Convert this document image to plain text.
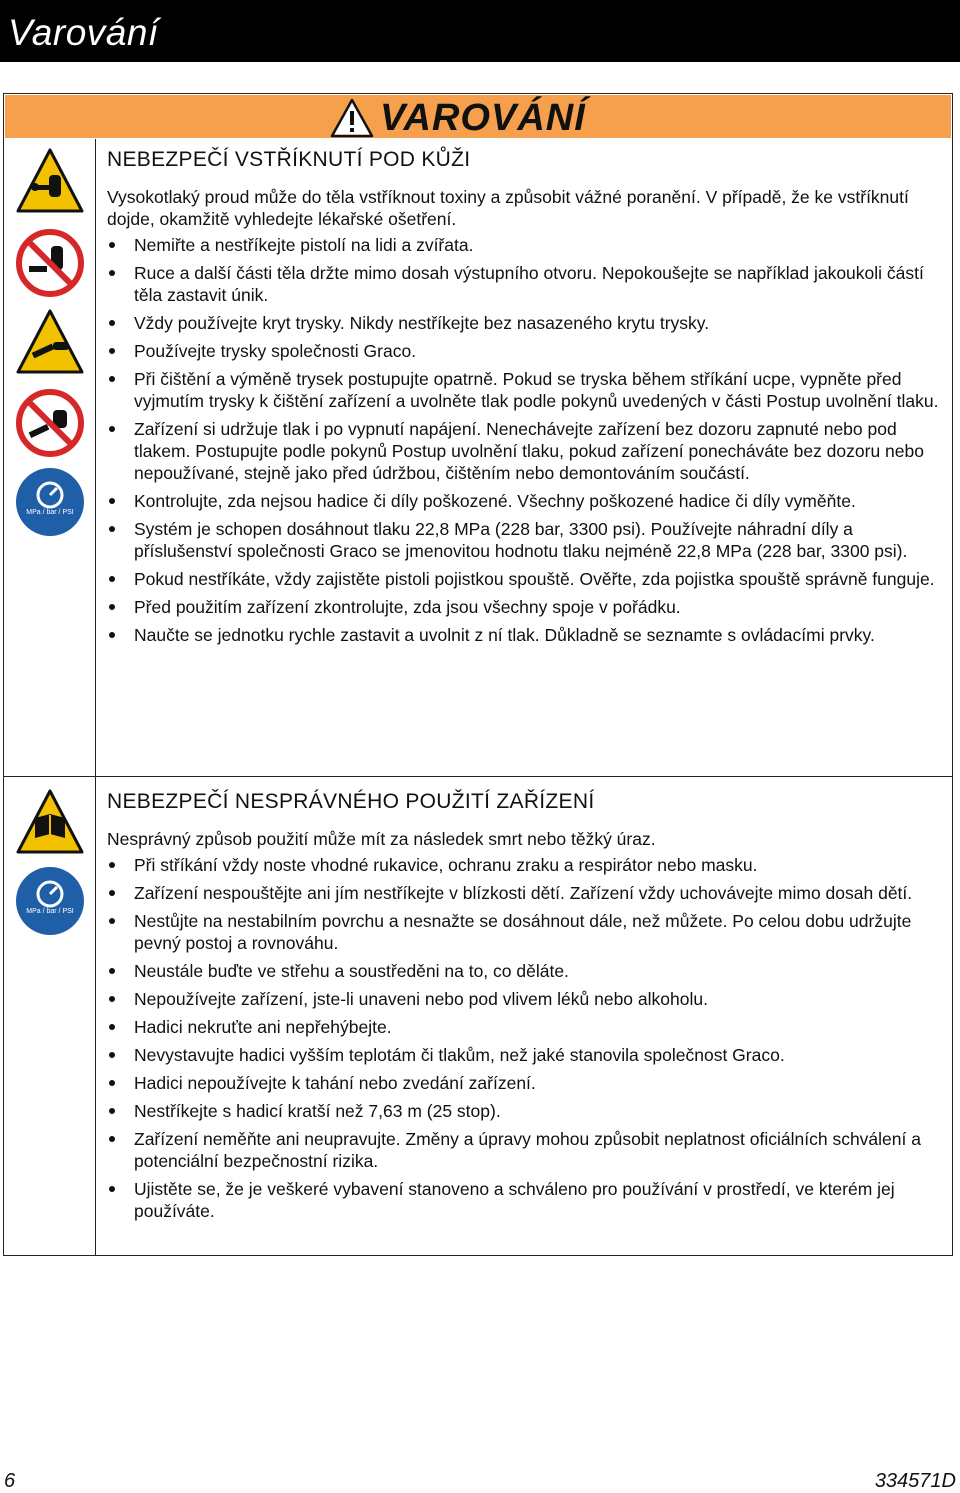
Varování
VAROVÁNÍ
MPa / bar / PSI
MPa / bar / PSI
NEBEZPEČÍ VSTŘÍKNUTÍ POD KŮŽI

Vysokotlaký proud může do těla vstříknout toxiny a způsobit vážné poranění. V případě, že ke vstříknutí dojde, okamžitě vyhledejte lékařské ošetření.

Nemiřte a nestříkejte pistolí na lidi a zvířata.
Ruce a další části těla držte mimo dosah výstupního otvoru. Nepokoušejte se například jakoukoli částí těla zastavit únik.
Vždy používejte kryt trysky. Nikdy nestříkejte bez nasazeného krytu trysky.
Používejte trysky společnosti Graco.
Při čištění a výměně trysek postupujte opatrně. Pokud se tryska během stříkání ucpe, vypněte před vyjmutím trysky k čištění zařízení a uvolněte tlak podle pokynů uvedených v části Postup uvolnění tlaku.
Zařízení si udržuje tlak i po vypnutí napájení. Nenechávejte zařízení bez dozoru zapnuté nebo pod tlakem. Postupujte podle pokynů Postup uvolnění tlaku, pokud zařízení ponecháváte bez dozoru nebo nepoužívané, stejně jako před údržbou, čištěním nebo demontováním součástí.
Kontrolujte, zda nejsou hadice či díly poškozené. Všechny poškozené hadice či díly vyměňte.
Systém je schopen dosáhnout tlaku 22,8 MPa (228 bar, 3300 psi). Používejte náhradní díly a příslušenství společnosti Graco se jmenovitou hodnotu tlaku nejméně 22,8 MPa (228 bar, 3300 psi).
Pokud nestříkáte, vždy zajistěte pistoli pojistkou spouště. Ověřte, zda pojistka spouště správně funguje.
Před použitím zařízení zkontrolujte, zda jsou všechny spoje v pořádku.
Naučte se jednotku rychle zastavit a uvolnit z ní tlak. Důkladně se seznamte s ovládacími prvky.
NEBEZPEČÍ NESPRÁVNÉHO POUŽITÍ ZAŘÍZENÍ

Nesprávný způsob použití může mít za následek smrt nebo těžký úraz.

Při stříkání vždy noste vhodné rukavice, ochranu zraku a respirátor nebo masku.
Zařízení nespouštějte ani jím nestříkejte v blízkosti dětí. Zařízení vždy uchovávejte mimo dosah dětí.
Nestůjte na nestabilním povrchu a nesnažte se dosáhnout dále, než můžete. Po celou dobu udržujte pevný postoj a rovnováhu.
Neustále buďte ve střehu a soustředěni na to, co děláte.
Nepoužívejte zařízení, jste-li unaveni nebo pod vlivem léků nebo alkoholu.
Hadici nekruťte ani nepřehýbejte.
Nevystavujte hadici vyšším teplotám či tlakům, než jaké stanovila společnost Graco.
Hadici nepoužívejte k tahání nebo zvedání zařízení.
Nestříkejte s hadicí kratší než 7,63 m (25 stop).
Zařízení neměňte ani neupravujte. Změny a úpravy mohou způsobit neplatnost oficiálních schválení a potenciální bezpečnostní rizika.
Ujistěte se, že je veškeré vybavení stanoveno a schváleno pro používání v prostředí, ve kterém jej používáte.
6	334571D
